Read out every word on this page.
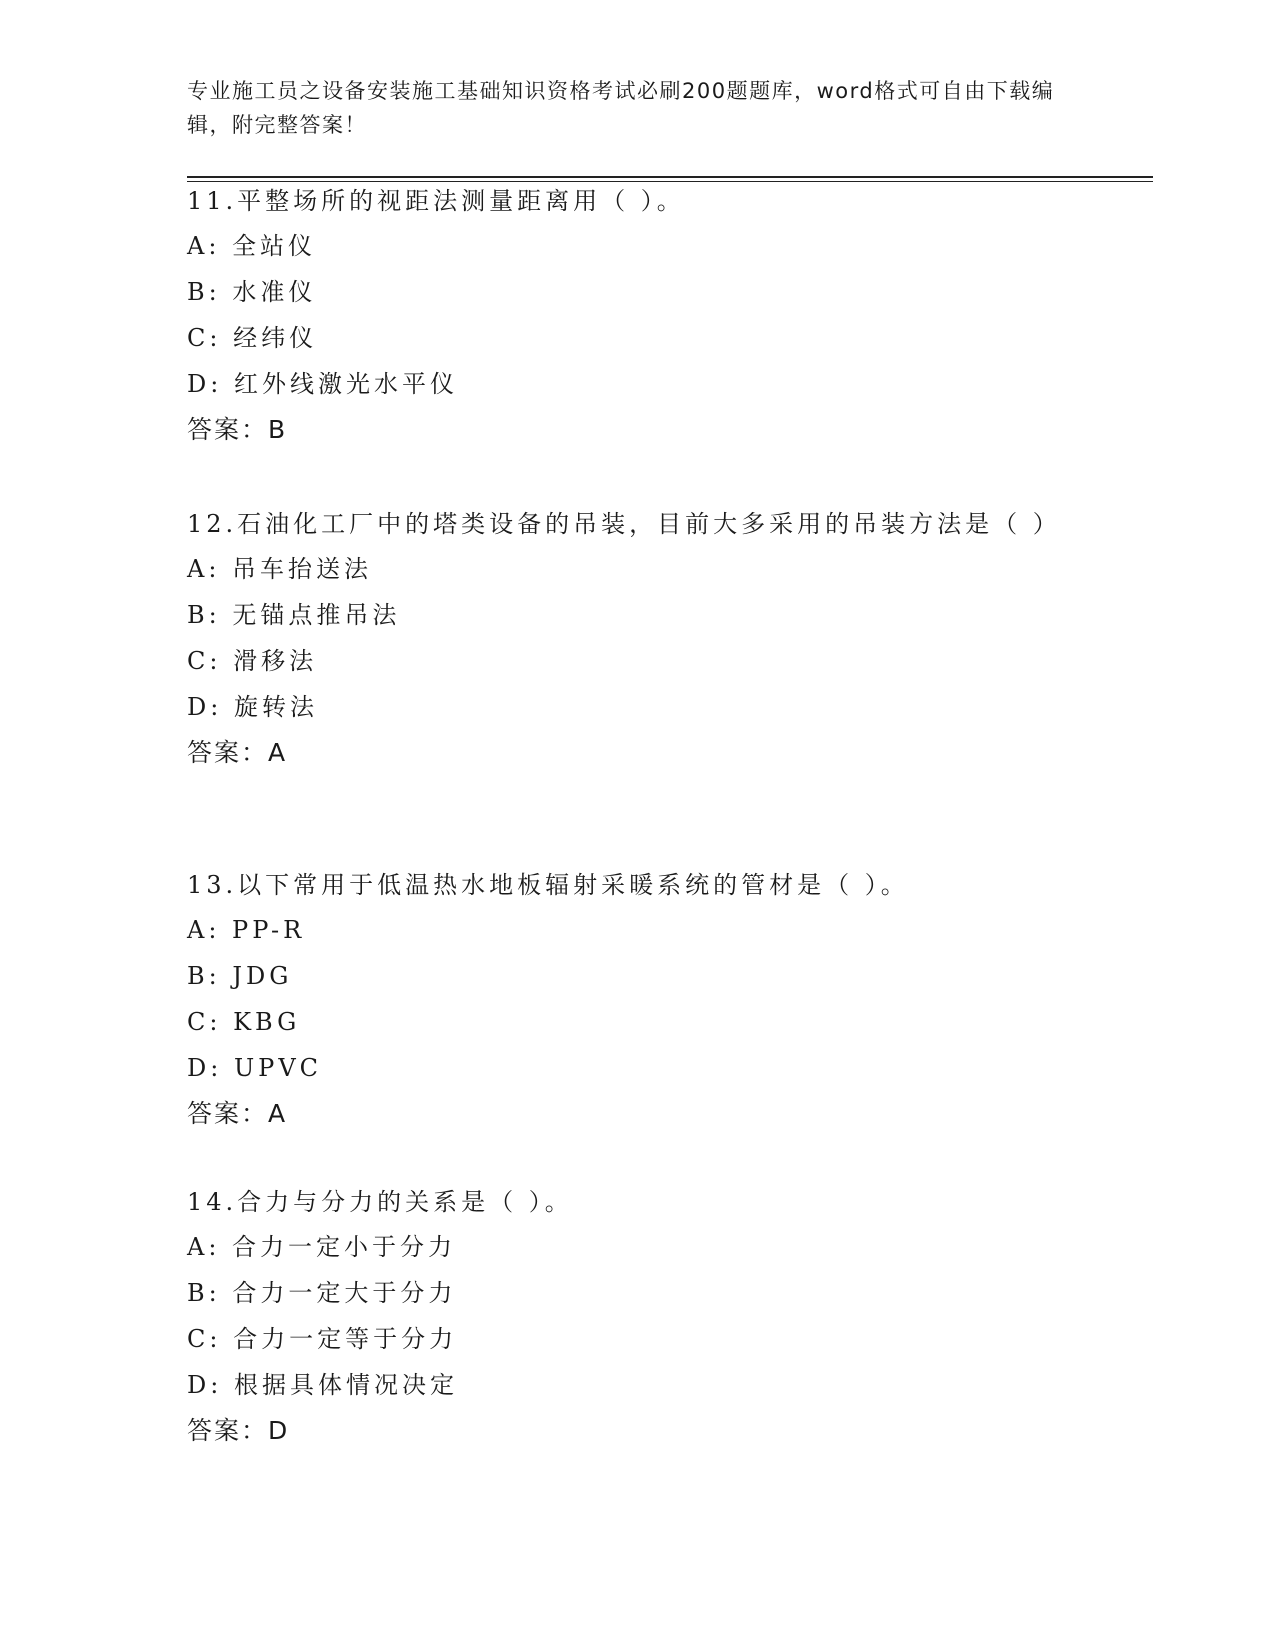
专业施工员之设备安装施工基础知识资格考试必刷200题题库，word格式可自由下载编辑，附完整答案！

11.平整场所的视距法测量距离用（ ）。

A: 全站仪

B: 水准仪

C: 经纬仪

D: 红外线激光水平仪

答案：B

12.石油化工厂中的塔类设备的吊装，目前大多采用的吊装方法是（ ）

A: 吊车抬送法

B: 无锚点推吊法

C: 滑移法

D: 旋转法

答案：A

13.以下常用于低温热水地板辐射采暖系统的管材是（ ）。

A: PP-R

B: JDG

C: KBG

D: UPVC

答案：A

14.合力与分力的关系是（ ）。

A: 合力一定小于分力

B: 合力一定大于分力

C: 合力一定等于分力

D: 根据具体情况决定

答案：D
